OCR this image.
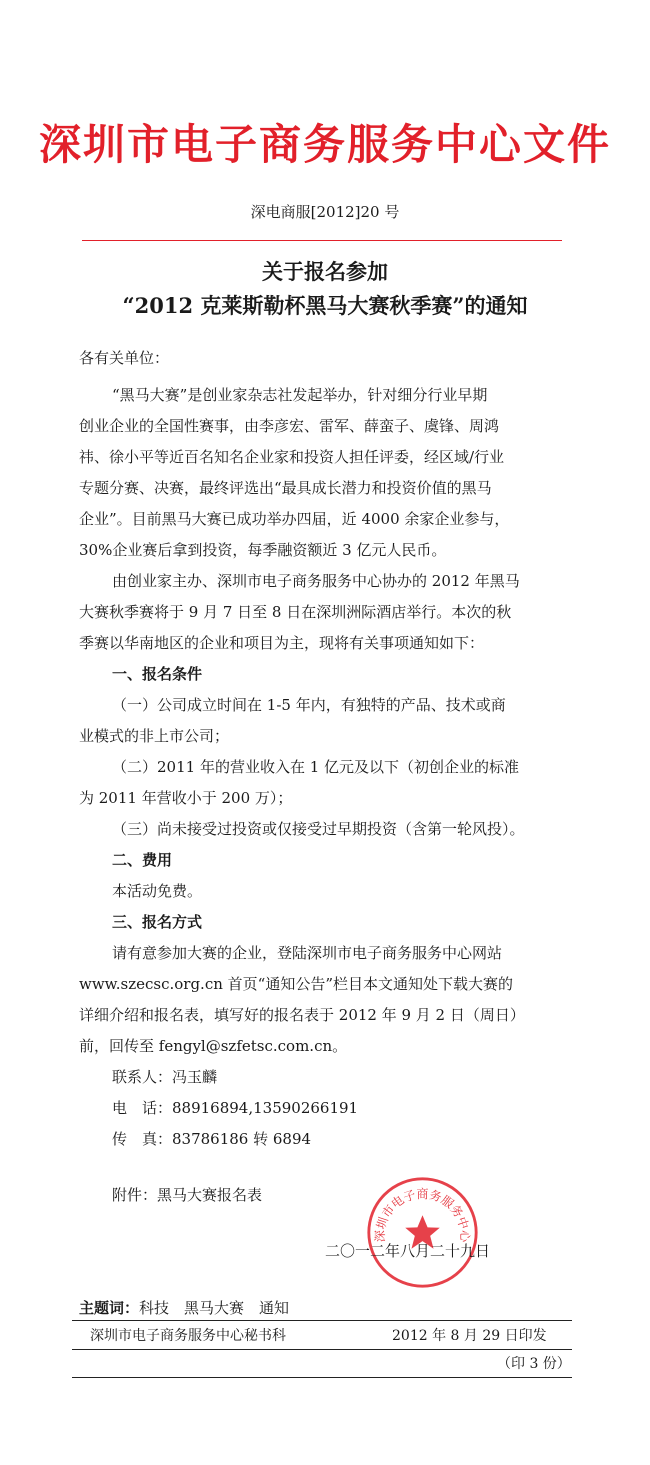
深圳市电子商务服务中心文件
深电商服[2012]20 号
关于报名参加
“2012 克莱斯勒杯黑马大赛秋季赛”的通知
各有关单位：
“黑马大赛”是创业家杂志社发起举办，针对细分行业早期
创业企业的全国性赛事，由李彦宏、雷军、薛蛮子、虞锋、周鸿
祎、徐小平等近百名知名企业家和投资人担任评委，经区域/行业
专题分赛、决赛，最终评选出“最具成长潜力和投资价值的黑马
企业”。目前黑马大赛已成功举办四届，近 4000 余家企业参与，
30%企业赛后拿到投资，每季融资额近 3 亿元人民币。
由创业家主办、深圳市电子商务服务中心协办的 2012 年黑马
大赛秋季赛将于 9 月 7 日至 8 日在深圳洲际酒店举行。本次的秋
季赛以华南地区的企业和项目为主，现将有关事项通知如下：
一、报名条件
（一）公司成立时间在 1-5 年内，有独特的产品、技术或商
业模式的非上市公司；
（二）2011 年的营业收入在 1 亿元及以下（初创企业的标准
为 2011 年营收小于 200 万）；
（三）尚未接受过投资或仅接受过早期投资（含第一轮风投）。
二、费用
本活动免费。
三、报名方式
请有意参加大赛的企业，登陆深圳市电子商务服务中心网站
www.szecsc.org.cn 首页“通知公告”栏目本文通知处下载大赛的
详细介绍和报名表，填写好的报名表于 2012 年 9 月 2 日（周日）
前，回传至 fengyl@szfetsc.com.cn。
联系人：冯玉麟
电　话：88916894,13590266191
传　真：83786186 转 6894
附件：黑马大赛报名表
深圳市电子商务服务中心
二〇一二年八月二十九日
主题词：科技　黑马大赛　通知
深圳市电子商务服务中心秘书科	2012 年 8 月 29 日印发
（印 3 份）
